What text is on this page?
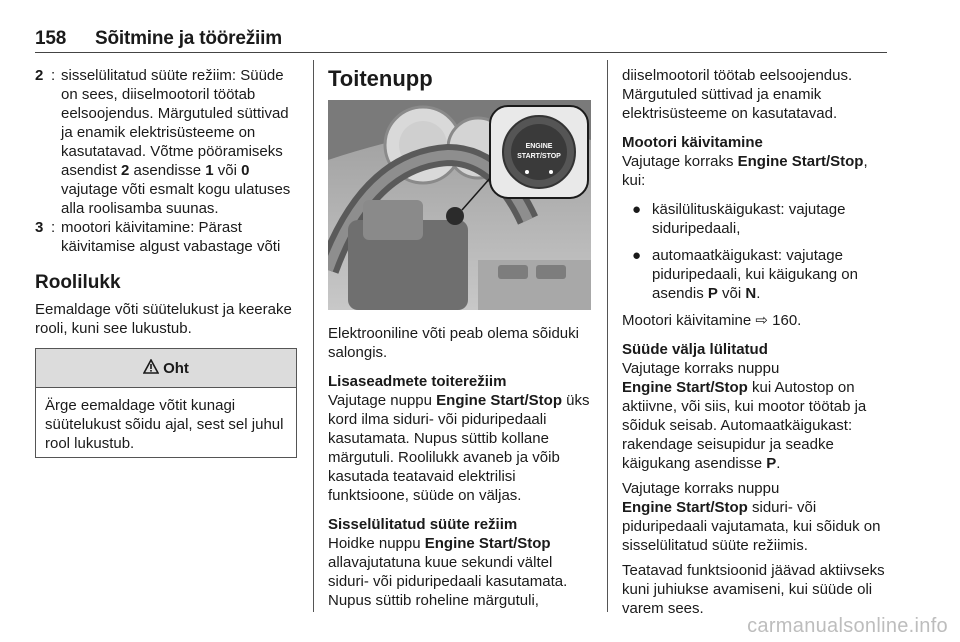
158 Sõitmine ja töörežiim
2 : sisselülitatud süüte režiim: Süüde on sees, diiselmootoril töötab eelsoojendus. Märgutuled süttivad ja enamik elektrisüsteeme on kasutatavad. Võtme pööramiseks asendist 2 asendisse 1 või 0 vajutage võti esmalt kogu ulatuses alla roolisamba suunas.
3 : mootori käivitamine: Pärast käivitamise algust vabastage võti

Roolilukk

Eemaldage võti süütelukust ja keerake rooli, kuni see lukustub.

Oht
Ärge eemaldage võtit kunagi süütelukust sõidu ajal, sest sel juhul rool lukustub.

Toitenupp

ENGINE
START/STOP

Elektrooniline võti peab olema sõiduki salongis.

Lisaseadmete toiterežiim

Vajutage nuppu Engine Start/Stop üks kord ilma siduri- või piduripedaali kasutamata. Nupus süttib kollane märgutuli. Roolilukk avaneb ja võib kasutada teatavaid elektrilisi funktsioone, süüde on väljas.

Sisselülitatud süüte režiim

Hoidke nuppu Engine Start/Stop allavajutatuna kuue sekundi vältel siduri- või piduripedaali kasutamata. Nupus süttib roheline märgutuli,

diiselmootoril töötab eelsoojendus. Märgutuled süttivad ja enamik elektrisüsteeme on kasutatavad.

Mootori käivitamine

Vajutage korraks Engine Start/Stop, kui:

● käsilülituskäigukast: vajutage siduripedaali,
● automaatkäigukast: vajutage piduripedaali, kui käigukang on asendis P või N.

Mootori käivitamine ⇨ 160.

Süüde välja lülitatud

Vajutage korraks nuppu
Engine Start/Stop kui Autostop on aktiivne, või siis, kui mootor töötab ja sõiduk seisab. Automaatkäigukast: rakendage seisupidur ja seadke käigukang asendisse P.

Vajutage korraks nuppu
Engine Start/Stop siduri- või piduripedaali vajutamata, kui sõiduk on sisselülitatud süüte režiimis.

Teatavad funktsioonid jäävad aktiivseks kuni juhiukse avamiseni, kui süüde oli varem sees.

carmanualsonline.info
